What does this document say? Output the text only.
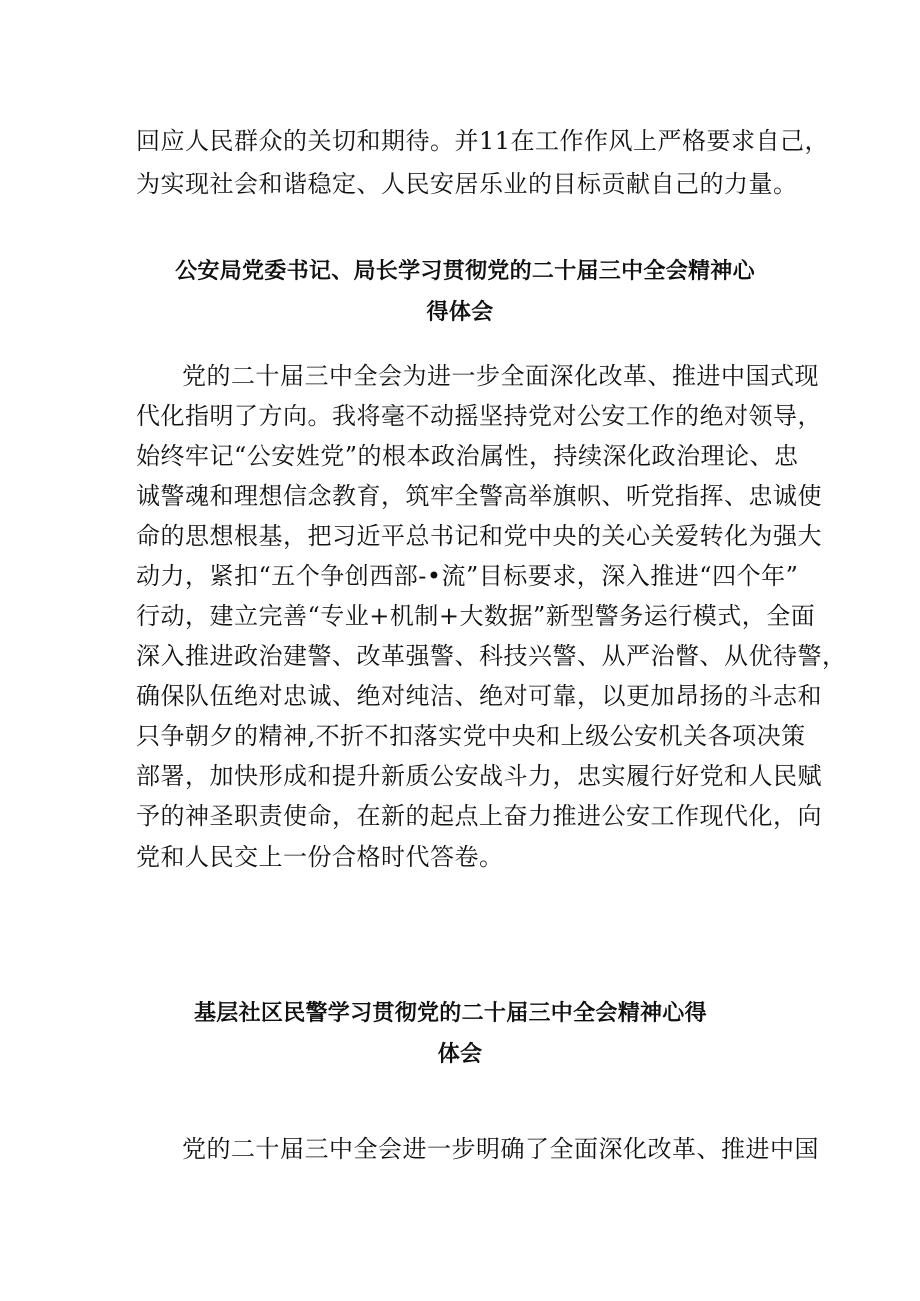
回应人民群众的关切和期待。并11在工作作风上严格要求自己，
为实现社会和谐稳定、人民安居乐业的目标贡献自己的力量。
公安局党委书记、局长学习贯彻党的二十届三中全会精神心
得体会
党的二十届三中全会为进一步全面深化改革、推进中国式现
代化指明了方向。我将毫不动摇坚持党对公安工作的绝对领导，
始终牢记“公安姓党”的根本政治属性，持续深化政治理论、忠
诚警魂和理想信念教育，筑牢全警高举旗帜、听党指挥、忠诚使
命的思想根基，把习近平总书记和党中央的关心关爱转化为强大
动力，紧扣“五个争创西部-•流”目标要求，深入推进“四个年”
行动，建立完善“专业+机制+大数据”新型警务运行模式，全面
深入推进政治建警、改革强警、科技兴警、从严治瞥、从优待警，
确保队伍绝对忠诚、绝对纯洁、绝对可靠，以更加昂扬的斗志和
只争朝夕的精神,不折不扣落实党中央和上级公安机关各项决策
部署，加快形成和提升新质公安战斗力，忠实履行好党和人民赋
予的神圣职责使命，在新的起点上奋力推进公安工作现代化，向
党和人民交上一份合格时代答卷。
基层社区民警学习贯彻党的二十届三中全会精神心得
体会
党的二十届三中全会进一步明确了全面深化改革、推进中国
